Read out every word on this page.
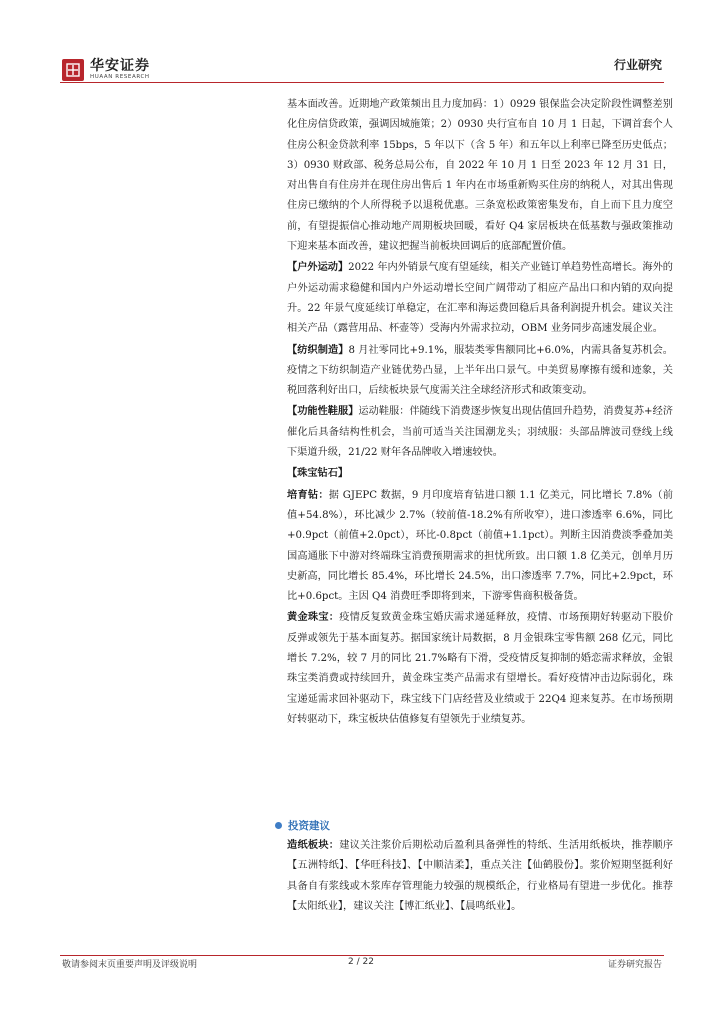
华安证券
HUAAN RESEARCH
行业研究

基本面改善。近期地产政策频出且力度加码：1）0929 银保监会决定阶段性调整差别化住房信贷政策，强调因城施策；2）0930 央行宣布自 10 月 1 日起，下调首套个人住房公积金贷款利率 15bps，5 年以下（含 5 年）和五年以上利率已降至历史低点；3）0930 财政部、税务总局公布，自 2022 年 10 月 1 日至 2023 年 12 月 31 日，对出售自有住房并在现住房出售后 1 年内在市场重新购买住房的纳税人，对其出售现住房已缴纳的个人所得税予以退税优惠。三条宽松政策密集发布，自上而下且力度空前，有望提振信心推动地产周期板块回暖，看好 Q4 家居板块在低基数与强政策推动下迎来基本面改善，建议把握当前板块回调后的底部配置价值。

【户外运动】2022 年内外销景气度有望延续，相关产业链订单趋势性高增长。海外的户外运动需求稳健和国内户外运动增长空间广阔带动了相应产品出口和内销的双向提升。22 年景气度延续订单稳定，在汇率和海运费回稳后具备利润提升机会。建议关注相关产品（露营用品、杯壶等）受海内外需求拉动，OBM 业务同步高速发展企业。

【纺织制造】8 月社零同比+9.1%，服装类零售额同比+6.0%，内需具备复苏机会。疫情之下纺织制造产业链优势凸显，上半年出口景气。中美贸易摩擦有缓和迹象，关税回落利好出口，后续板块景气度需关注全球经济形式和政策变动。

【功能性鞋服】运动鞋服：伴随线下消费逐步恢复出现估值回升趋势，消费复苏+经济催化后具备结构性机会，当前可适当关注国潮龙头；羽绒服：头部品牌波司登线上线下渠道升级，21/22 财年各品牌收入增速较快。

【珠宝钻石】

培育钻：据 GJEPC 数据，9 月印度培育钻进口额 1.1 亿美元，同比增长 7.8%（前值+54.8%），环比减少 2.7%（较前值-18.2%有所收窄），进口渗透率 6.6%，同比+0.9pct（前值+2.0pct），环比-0.8pct（前值+1.1pct）。判断主因消费淡季叠加美国高通胀下中游对终端珠宝消费预期需求的担忧所致。出口额 1.8 亿美元，创单月历史新高，同比增长 85.4%，环比增长 24.5%，出口渗透率 7.7%，同比+2.9pct，环比+0.6pct。主因 Q4 消费旺季即将到来，下游零售商积极备货。

黄金珠宝：疫情反复致黄金珠宝婚庆需求递延释放，疫情、市场预期好转驱动下股价反弹或领先于基本面复苏。据国家统计局数据，8 月金银珠宝零售额 268 亿元，同比增长 7.2%，较 7 月的同比 21.7%略有下滑，受疫情反复抑制的婚恋需求释放，金银珠宝类消费或持续回升，黄金珠宝类产品需求有望增长。看好疫情冲击边际弱化，珠宝递延需求回补驱动下，珠宝线下门店经营及业绩或于 22Q4 迎来复苏。在市场预期好转驱动下，珠宝板块估值修复有望领先于业绩复苏。

投资建议

造纸板块：建议关注浆价后期松动后盈利具备弹性的特纸、生活用纸板块，推荐顺序【五洲特纸】、【华旺科技】、【中顺洁柔】，重点关注【仙鹤股份】。浆价短期坚挺利好具备自有浆线或木浆库存管理能力较强的规模纸企，行业格局有望进一步优化。推荐【太阳纸业】，建议关注【博汇纸业】、【晨鸣纸业】。

敬请参阅末页重要声明及评级说明	2 / 22	证券研究报告
